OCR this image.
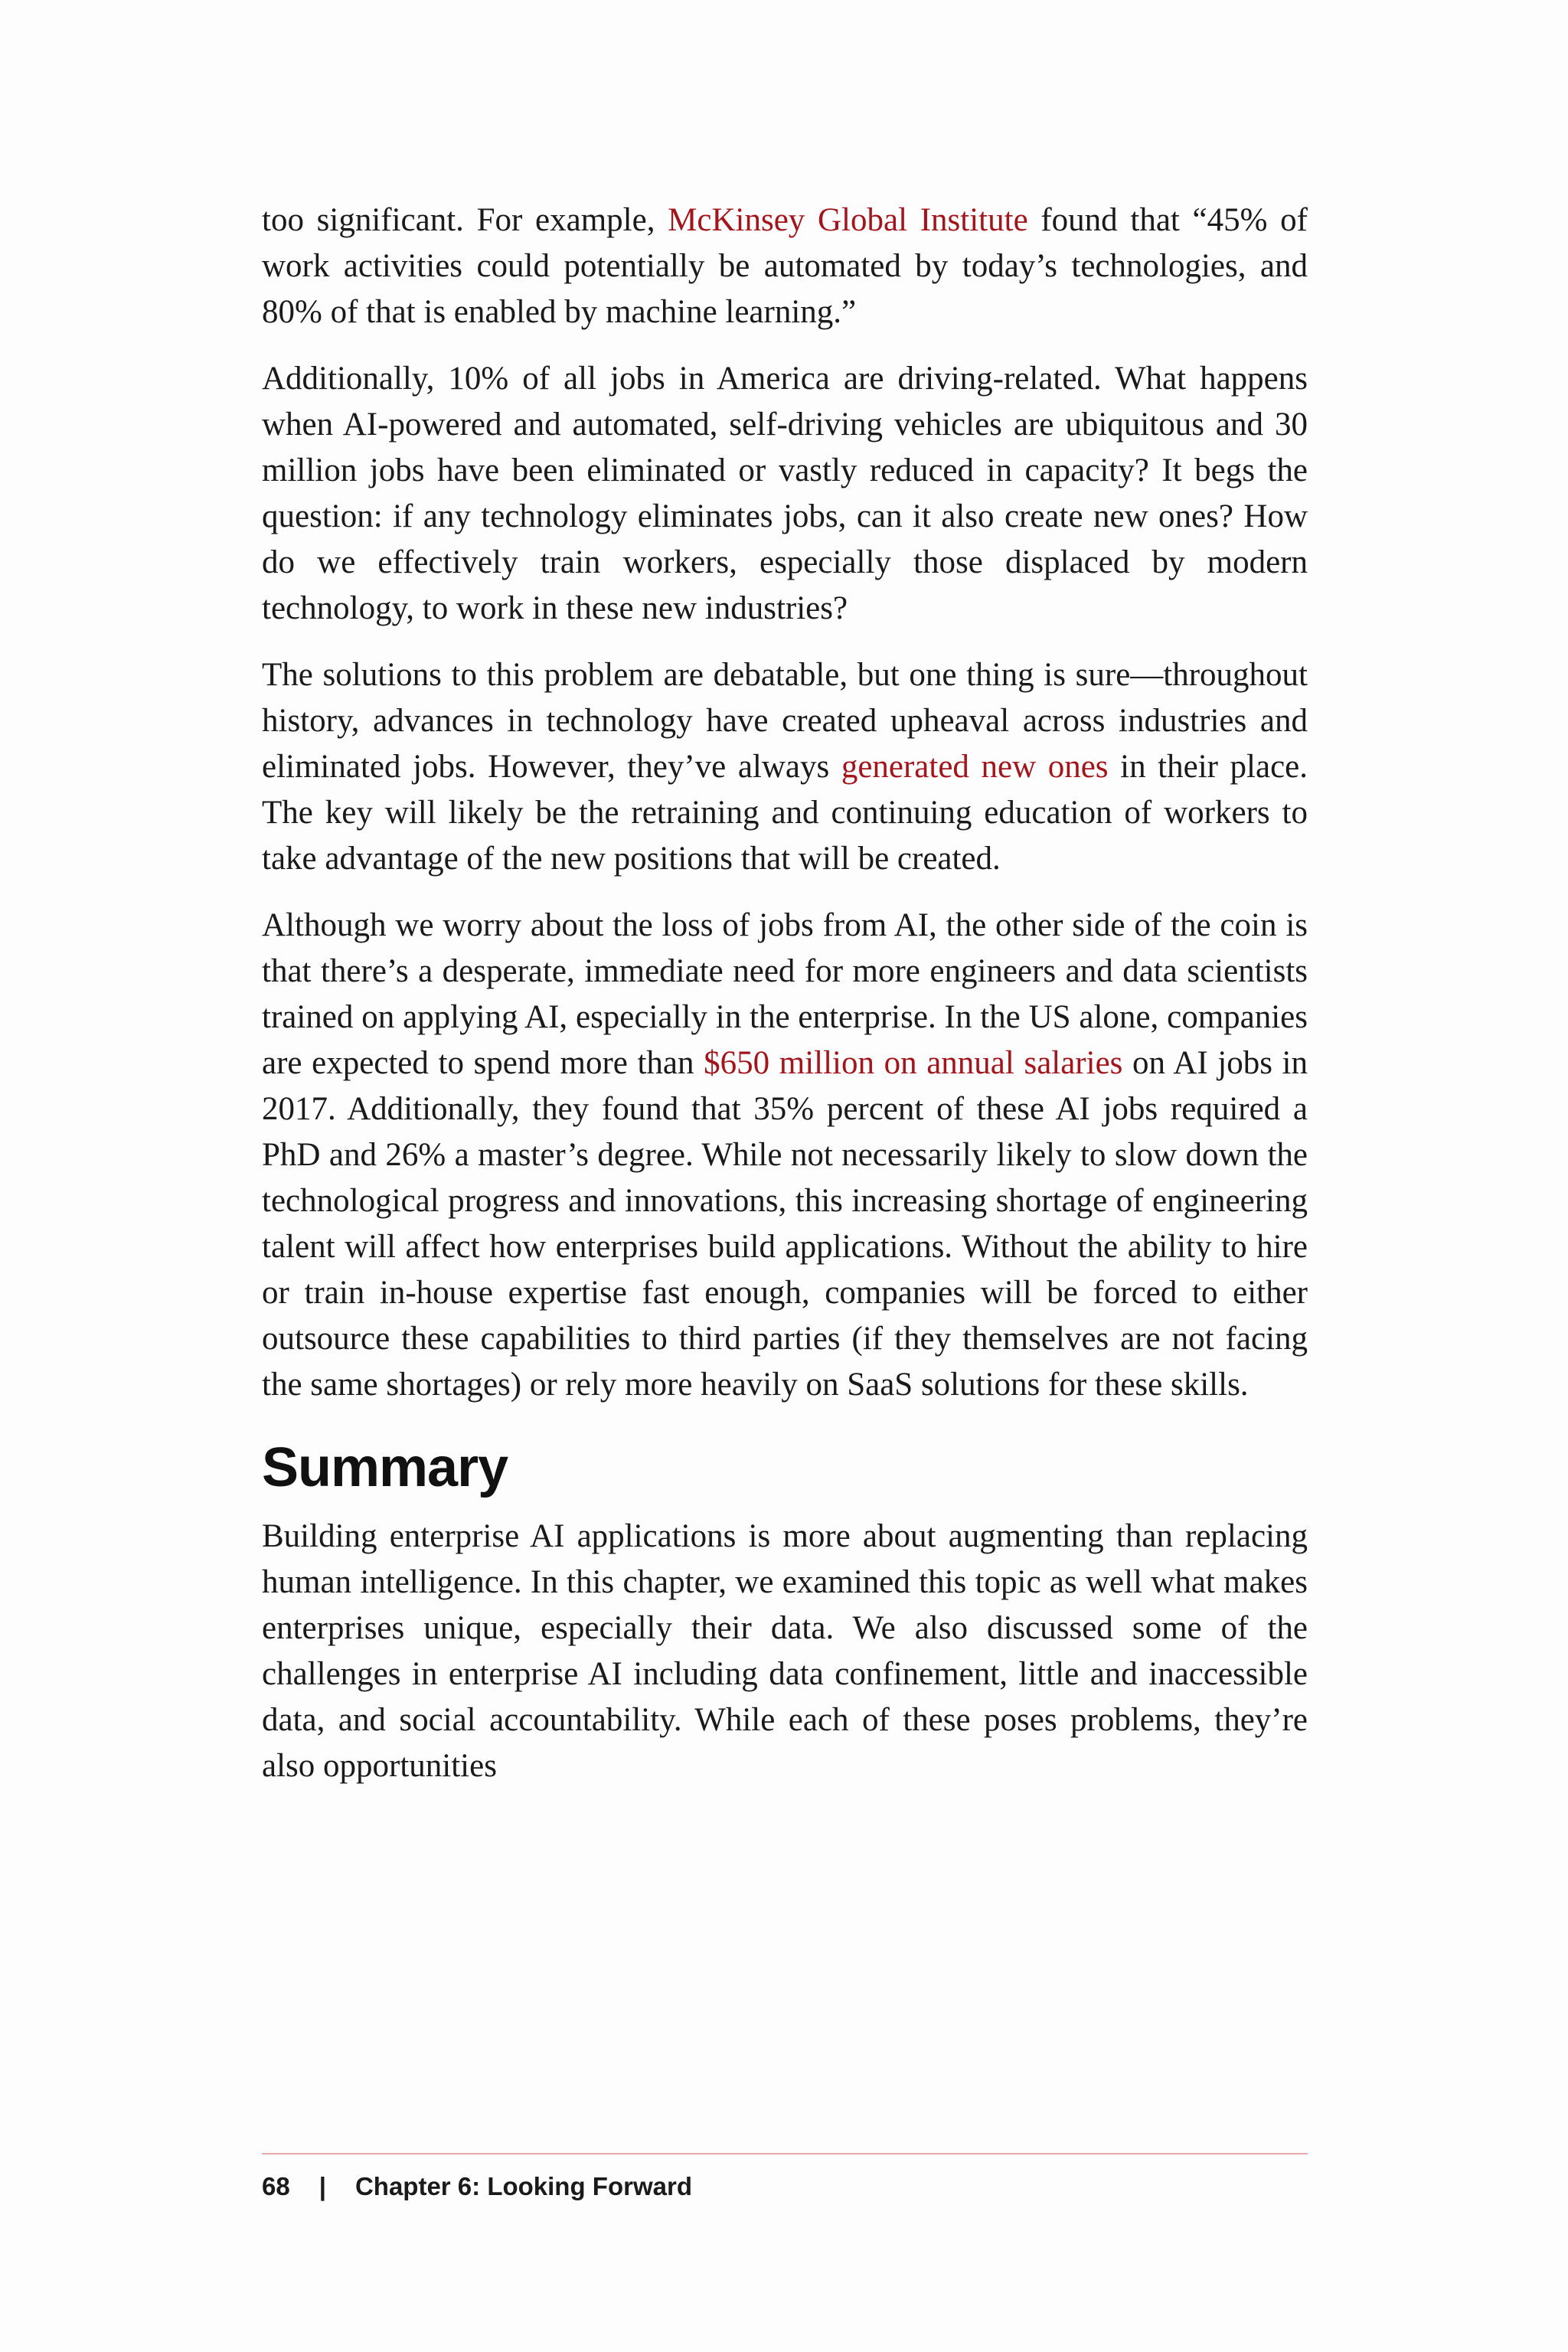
too significant. For example, McKinsey Global Institute found that “45% of work activities could potentially be automated by today’s technologies, and 80% of that is enabled by machine learning.”

Additionally, 10% of all jobs in America are driving-related. What happens when AI-powered and automated, self-driving vehicles are ubiquitous and 30 million jobs have been eliminated or vastly reduced in capacity? It begs the question: if any technology eliminates jobs, can it also create new ones? How do we effectively train workers, especially those displaced by modern technology, to work in these new industries?

The solutions to this problem are debatable, but one thing is sure—throughout history, advances in technology have created upheaval across industries and eliminated jobs. However, they’ve always generated new ones in their place. The key will likely be the retraining and continuing education of workers to take advantage of the new positions that will be created.

Although we worry about the loss of jobs from AI, the other side of the coin is that there’s a desperate, immediate need for more engineers and data scientists trained on applying AI, especially in the enterprise. In the US alone, companies are expected to spend more than $650 million on annual salaries on AI jobs in 2017. Additionally, they found that 35% percent of these AI jobs required a PhD and 26% a master’s degree. While not necessarily likely to slow down the technological progress and innovations, this increasing shortage of engineering talent will affect how enterprises build applications. Without the ability to hire or train in-house expertise fast enough, companies will be forced to either outsource these capabilities to third parties (if they themselves are not facing the same shortages) or rely more heavily on SaaS solutions for these skills.

Summary

Building enterprise AI applications is more about augmenting than replacing human intelligence. In this chapter, we examined this topic as well what makes enterprises unique, especially their data. We also discussed some of the challenges in enterprise AI including data confinement, little and inaccessible data, and social accountability. While each of these poses problems, they’re also opportunities

68 | Chapter 6: Looking Forward
